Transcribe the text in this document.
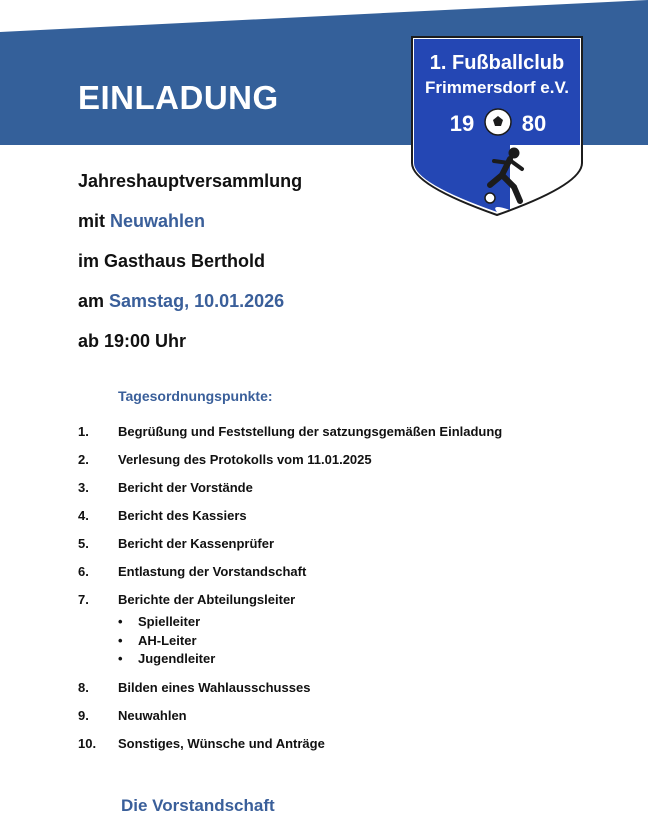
EINLADUNG
1. Fußballclub
Frimmersdorf e.V.
19 80
Jahreshauptversammlung
mit Neuwahlen
im Gasthaus Berthold
am Samstag, 10.01.2026
ab 19:00 Uhr
Tagesordnungspunkte:
1.	Begrüßung und Feststellung der satzungsgemäßen Einladung
2.	Verlesung des Protokolls vom 11.01.2025
3.	Bericht der Vorstände
4.	Bericht des Kassiers
5.	Bericht der Kassenprüfer
6.	Entlastung der Vorstandschaft
7.	Berichte der Abteilungsleiter
•	Spielleiter
•	AH-Leiter
•	Jugendleiter
8.	Bilden eines Wahlausschusses
9.	Neuwahlen
10.	Sonstiges, Wünsche und Anträge
Die Vorstandschaft
